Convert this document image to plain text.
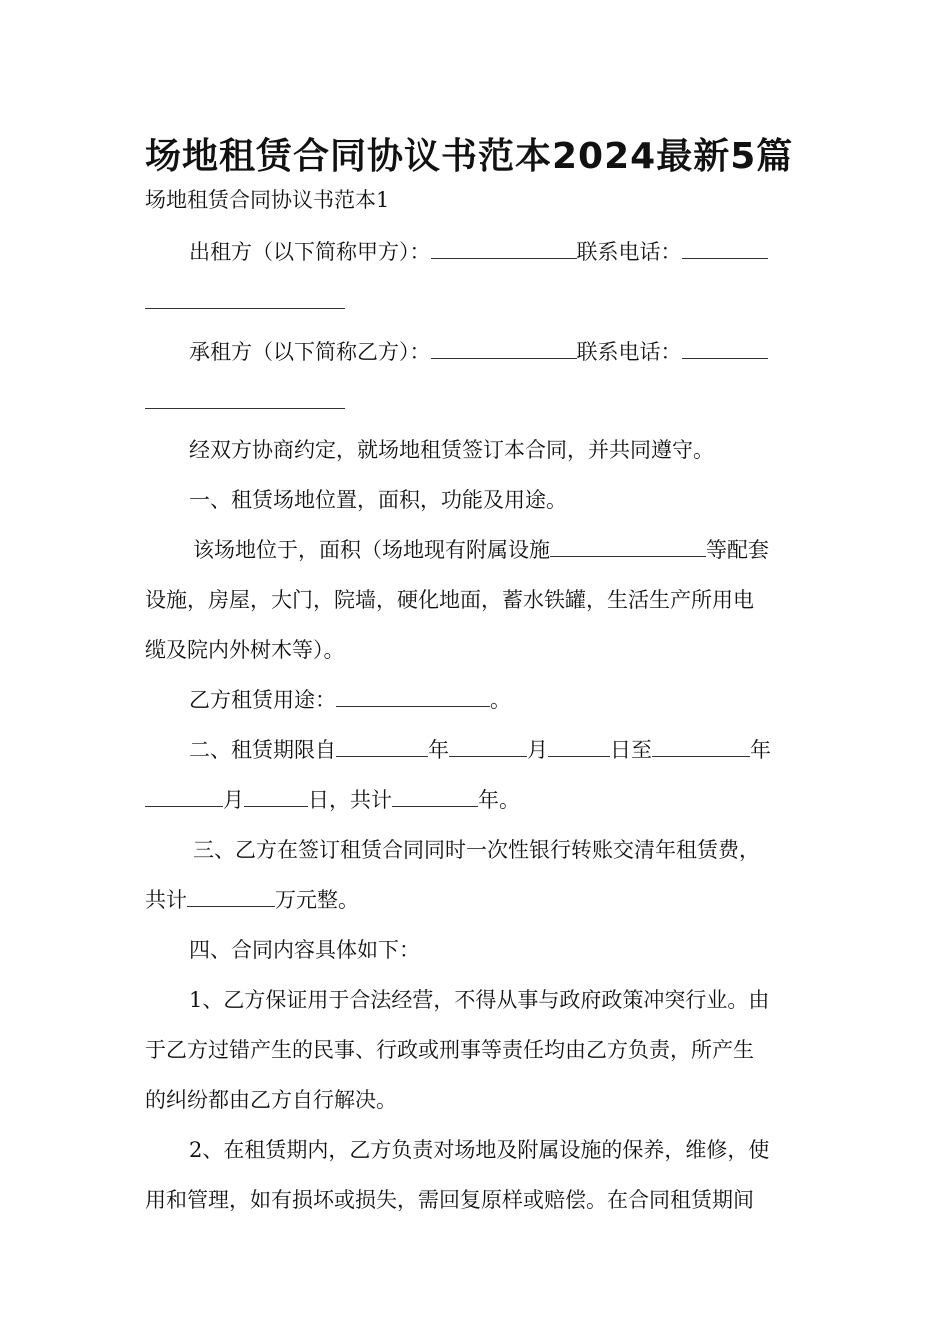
场地租赁合同协议书范本2024最新5篇
场地租赁合同协议书范本1
出租方（以下简称甲方）：	联系电话：
承租方（以下简称乙方）：	联系电话：
经双方协商约定，就场地租赁签订本合同，并共同遵守。
一、租赁场地位置，面积，功能及用途。
该场地位于，面积（场地现有附属设施	等配套
设施，房屋，大门，院墙，硬化地面，蓄水铁罐，生活生产所用电
缆及院内外树木等）。
乙方租赁用途：	。
二、租赁期限自	年	月	日至	年
月	日，共计	年。
三、乙方在签订租赁合同同时一次性银行转账交清年租赁费，
共计	万元整。
四、合同内容具体如下：
1、乙方保证用于合法经营，不得从事与政府政策冲突行业。由
于乙方过错产生的民事、行政或刑事等责任均由乙方负责，所产生
的纠纷都由乙方自行解决。
2、在租赁期内，乙方负责对场地及附属设施的保养，维修，使
用和管理，如有损坏或损失，需回复原样或赔偿。在合同租赁期间
